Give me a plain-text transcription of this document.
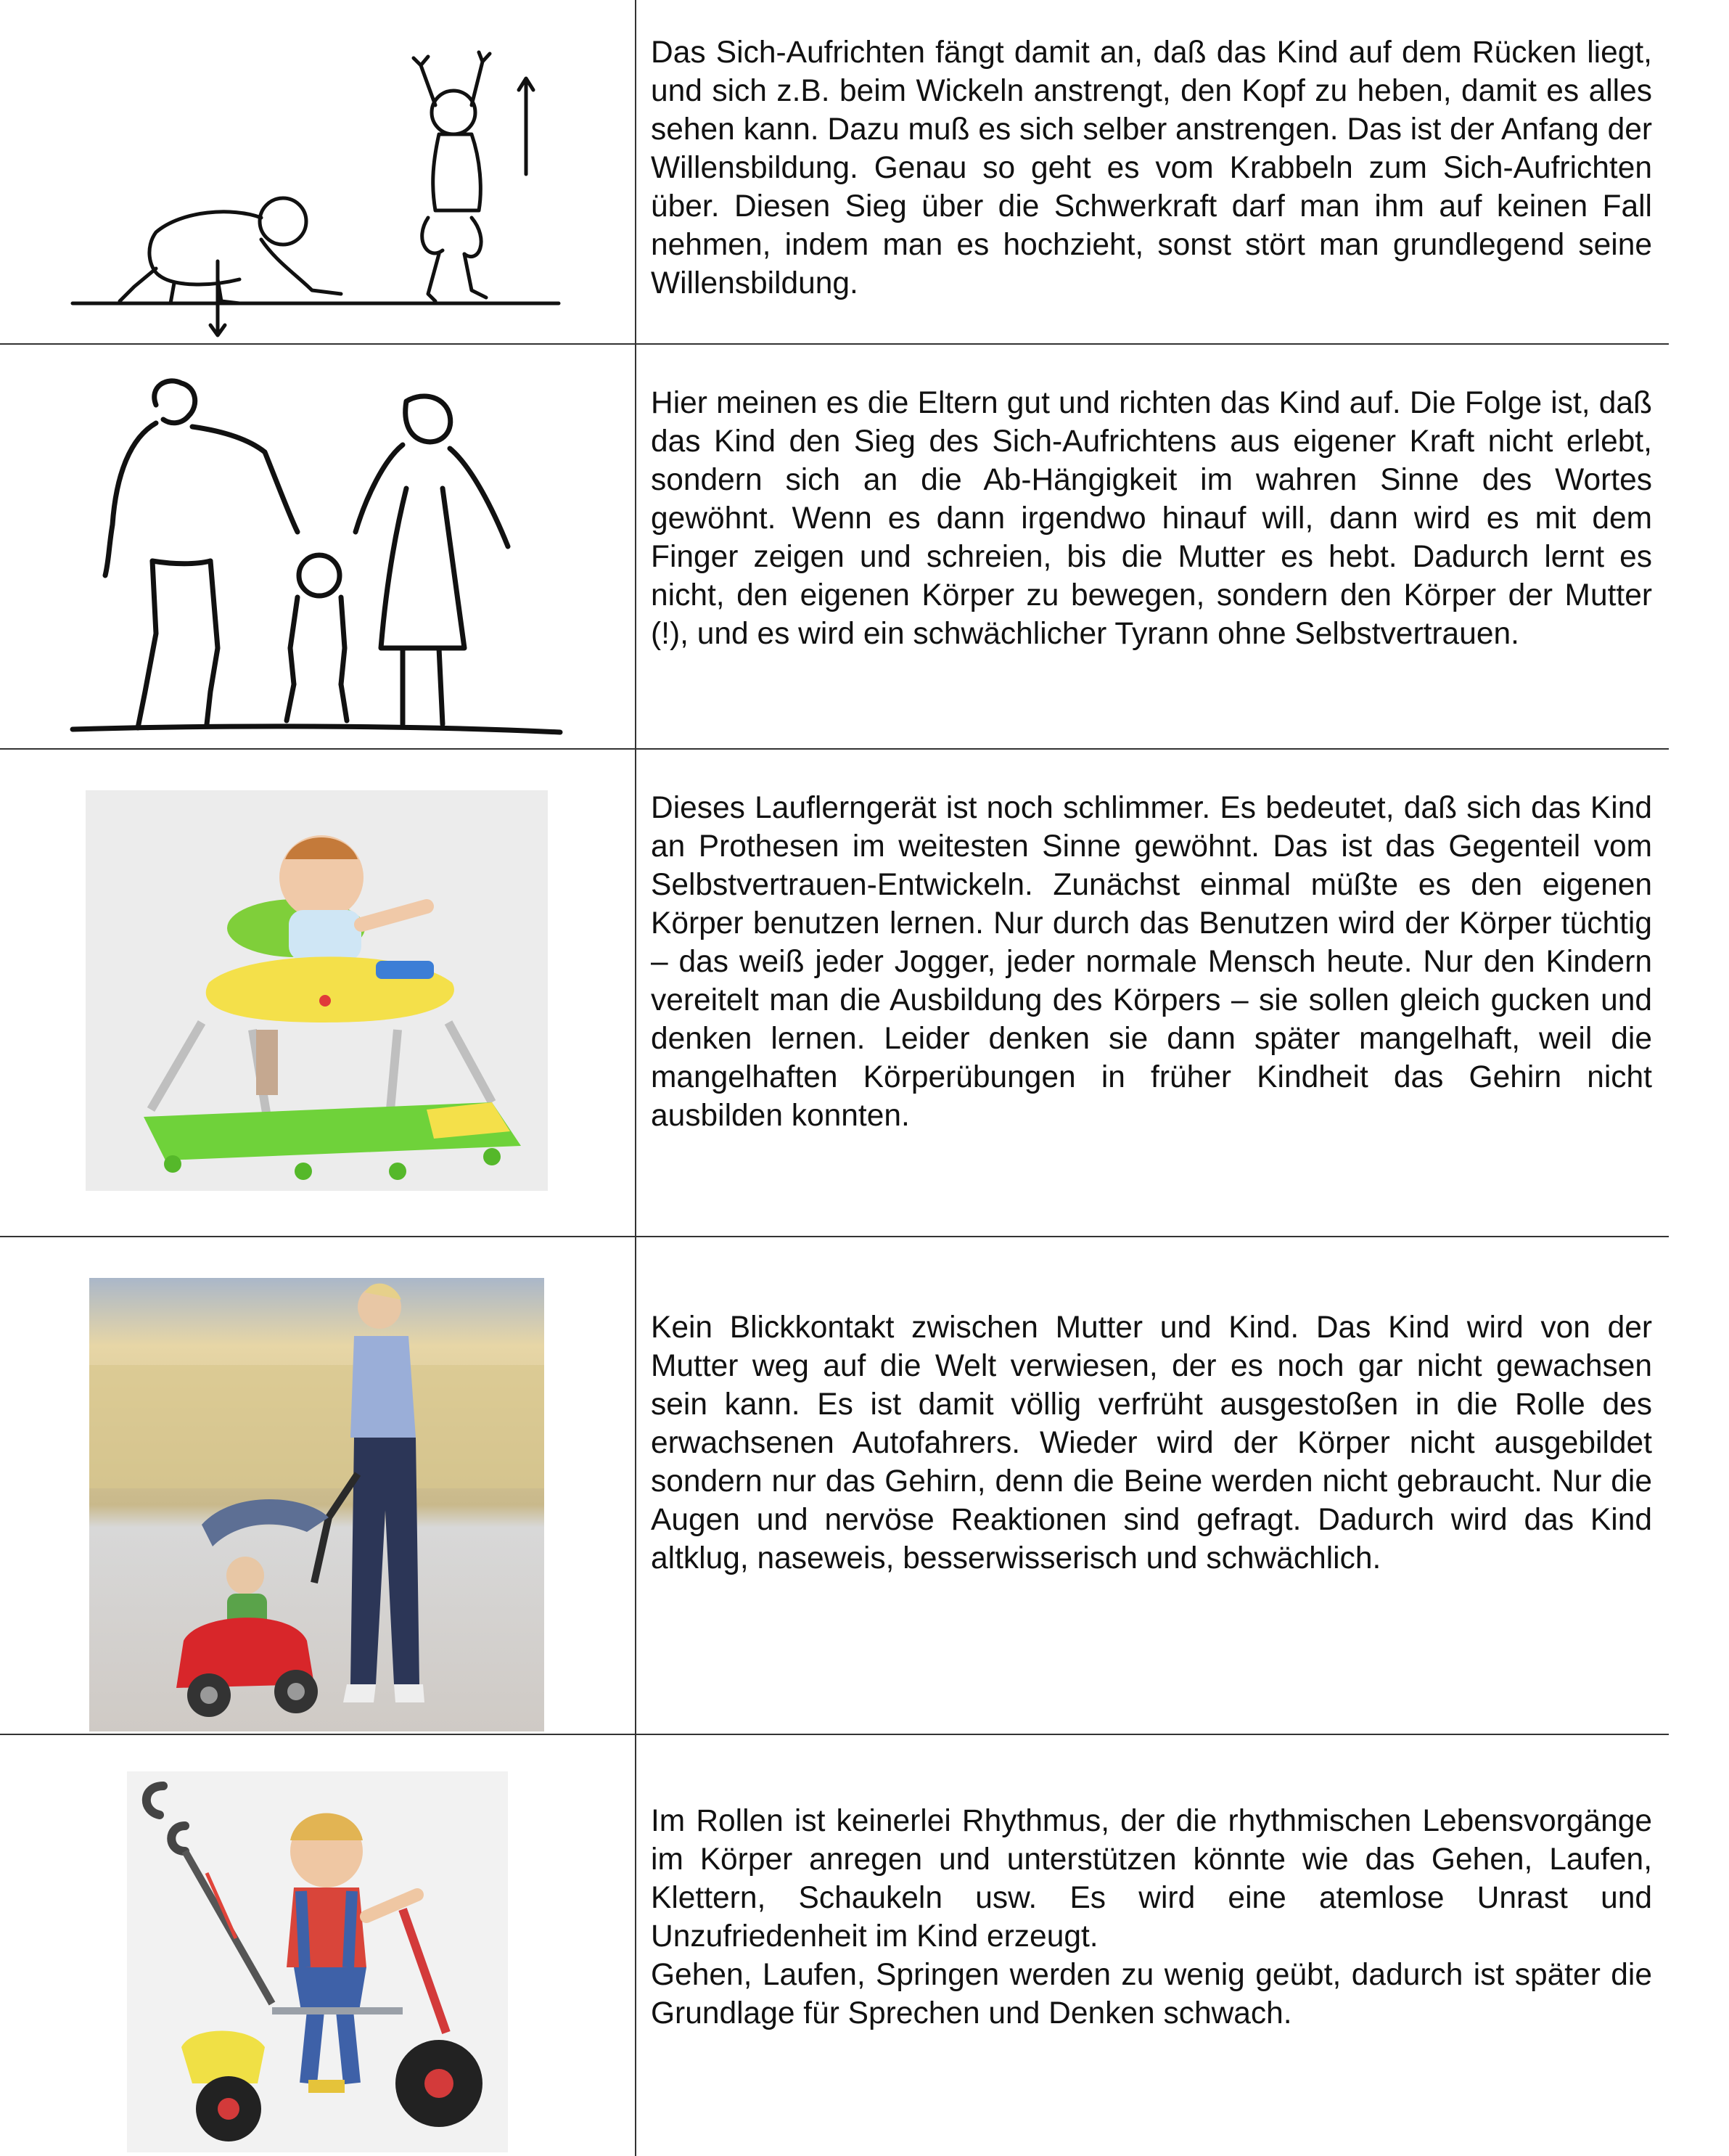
Das Sich-Aufrichten fängt damit an, daß das Kind auf dem Rücken liegt, und sich z.B. beim Wickeln anstrengt, den Kopf zu heben, damit es alles sehen kann. Dazu muß es sich selber anstrengen. Das ist der Anfang der Willensbildung. Genau so geht es vom Krabbeln zum Sich-Aufrichten über. Diesen Sieg über die Schwerkraft darf man ihm auf keinen Fall nehmen, indem man es hochzieht, sonst stört man grundlegend seine Willensbildung.
Hier meinen es die Eltern gut und richten das Kind auf. Die Folge ist, daß das Kind den Sieg des Sich-Aufrichtens aus eigener Kraft nicht erlebt, sondern sich an die Ab-Hängigkeit im wahren Sinne des Wortes gewöhnt. Wenn es dann irgendwo hinauf will, dann wird es mit dem Finger zeigen und schreien, bis die Mutter es hebt. Dadurch lernt es nicht, den eigenen Körper zu bewegen, sondern den Körper der Mutter (!), und es wird ein schwächlicher Tyrann ohne Selbstvertrauen.
Dieses Lauflerngerät ist noch schlimmer. Es bedeutet, daß sich das Kind an Prothesen im weitesten Sinne gewöhnt. Das ist das Gegenteil vom Selbstvertrauen-Entwickeln. Zunächst einmal müßte es den eigenen Körper benutzen lernen. Nur durch das Benutzen wird der Körper tüchtig – das weiß jeder Jogger, jeder normale Mensch heute. Nur den Kindern vereitelt man die Ausbildung des Körpers – sie sollen gleich gucken und denken lernen. Leider denken sie dann später mangelhaft, weil die mangelhaften Körperübungen in früher Kindheit das Gehirn nicht ausbilden konnten.
Kein Blickkontakt zwischen Mutter und Kind. Das Kind wird von der Mutter weg auf die Welt verwiesen, der es noch gar nicht gewachsen sein kann. Es ist damit völlig verfrüht ausgestoßen in die Rolle des erwachsenen Autofahrers. Wieder wird der Körper nicht ausgebildet sondern nur das Gehirn, denn die Beine werden nicht gebraucht. Nur die Augen und nervöse Reaktionen sind gefragt. Dadurch wird das Kind altklug, naseweis, besserwisserisch und schwächlich.
Im Rollen ist keinerlei Rhythmus, der die rhythmischen Lebensvorgänge im Körper anregen und unterstützen könnte wie das Gehen, Laufen, Klettern, Schaukeln usw. Es wird eine atemlose Unrast und Unzufriedenheit im Kind erzeugt.
Gehen, Laufen, Springen werden zu wenig geübt, dadurch ist später die Grundlage für Sprechen und Denken schwach.
